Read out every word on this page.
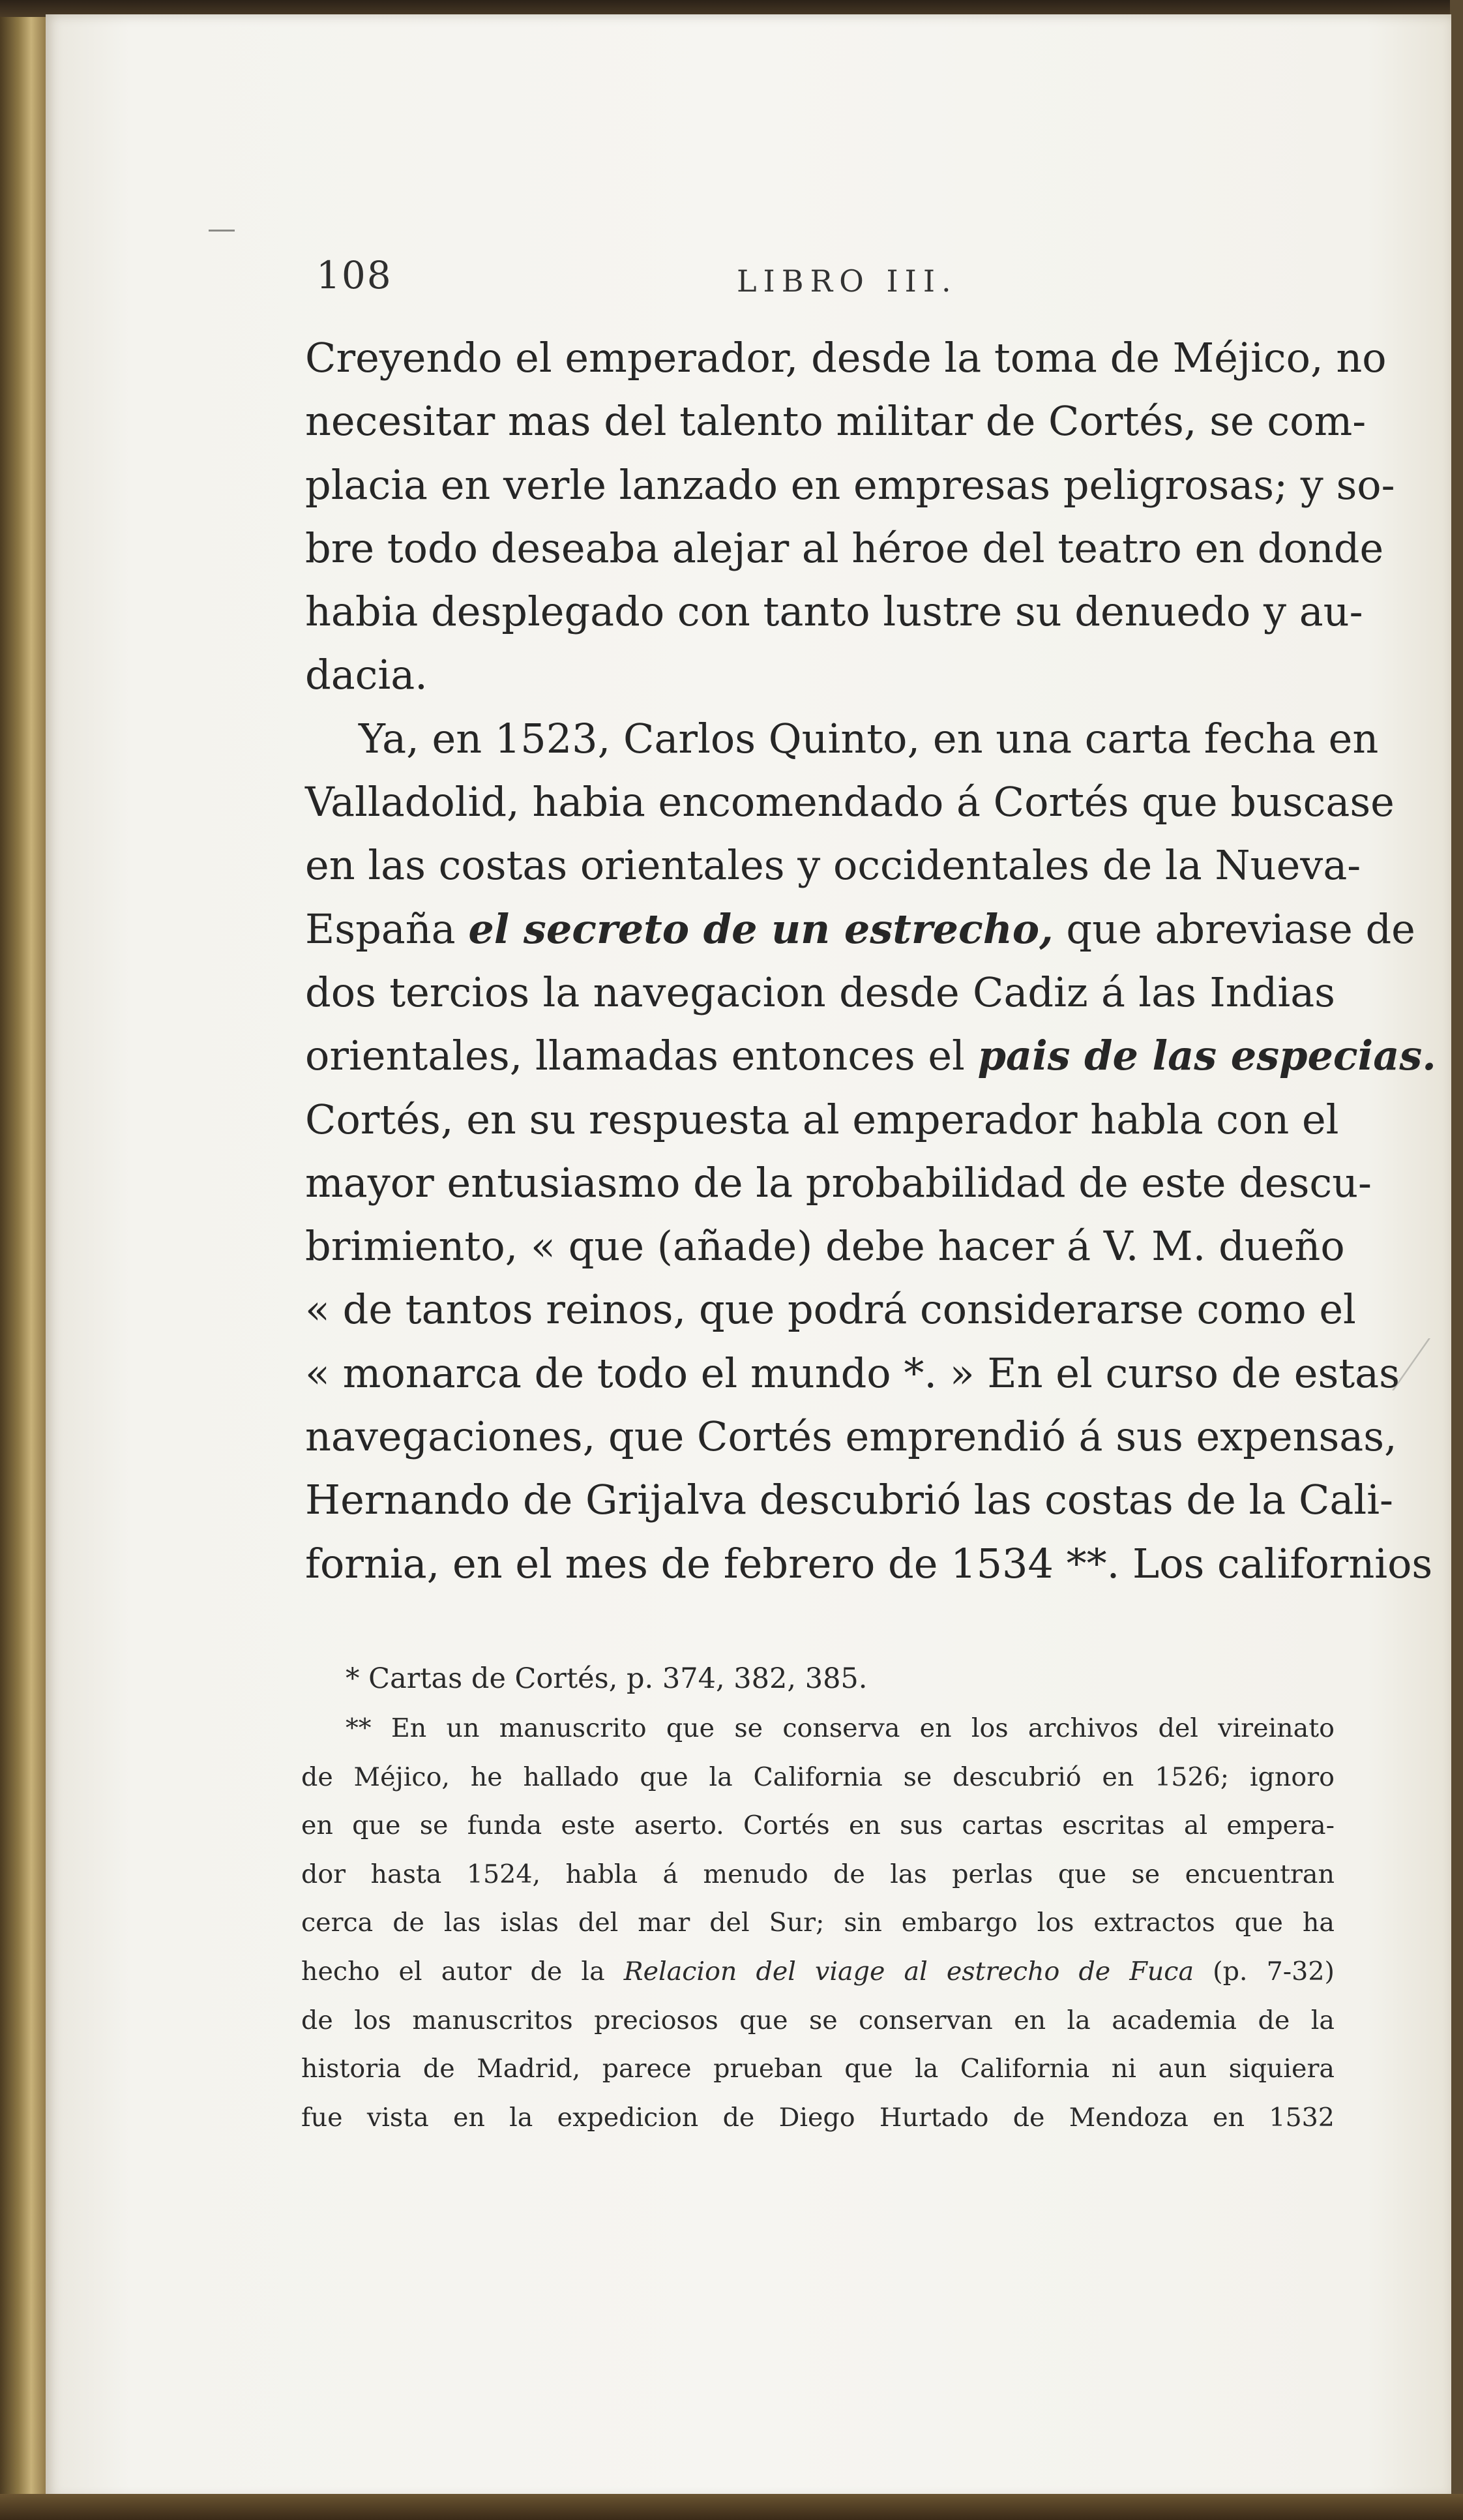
108	LIBRO III.
Creyendo el emperador, desde la toma de Méjico, no
necesitar mas del talento militar de Cortés, se com-
placia en verle lanzado en empresas peligrosas; y so-
bre todo deseaba alejar al héroe del teatro en donde
habia desplegado con tanto lustre su denuedo y au-
dacia.
Ya, en 1523, Carlos Quinto, en una carta fecha en
Valladolid, habia encomendado á Cortés que buscase
en las costas orientales y occidentales de la Nueva-
España el secreto de un estrecho, que abreviase de
dos tercios la navegacion desde Cadiz á las Indias
orientales, llamadas entonces el pais de las especias.
Cortés, en su respuesta al emperador habla con el
mayor entusiasmo de la probabilidad de este descu-
brimiento, « que (añade) debe hacer á V. M. dueño
« de tantos reinos, que podrá considerarse como el
« monarca de todo el mundo *. » En el curso de estas
navegaciones, que Cortés emprendió á sus expensas,
Hernando de Grijalva descubrió las costas de la Cali-
fornia, en el mes de febrero de 1534 **. Los californios
* Cartas de Cortés, p. 374, 382, 385.
** En un manuscrito que se conserva en los archivos del vireinato
de Méjico, he hallado que la California se descubrió en 1526; ignoro
en que se funda este aserto. Cortés en sus cartas escritas al empera-
dor hasta 1524, habla á menudo de las perlas que se encuentran
cerca de las islas del mar del Sur; sin embargo los extractos que ha
hecho el autor de la Relacion del viage al estrecho de Fuca (p. 7-32)
de los manuscritos preciosos que se conservan en la academia de la
historia de Madrid, parece prueban que la California ni aun siquiera
fue vista en la expedicion de Diego Hurtado de Mendoza en 1532
